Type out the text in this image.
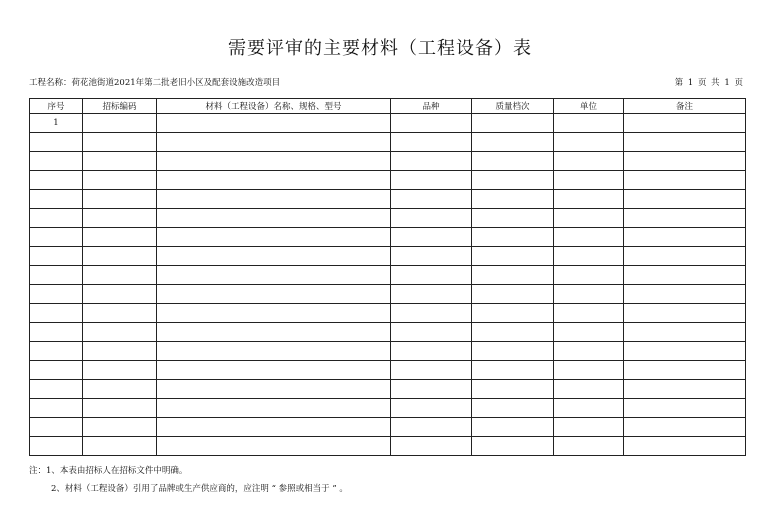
需要评审的主要材料（工程设备）表
工程名称：荷花池街道2021年第二批老旧小区及配套设施改造项目	第 1 页 共 1 页
序号	招标编码	材料（工程设备）名称、规格、型号	品种	质量档次	单位	备注
1						

注：1、本表由招标人在招标文件中明确。
2、材料（工程设备）引用了品牌或生产供应商的，应注明 “ 参照或相当于 ” 。
